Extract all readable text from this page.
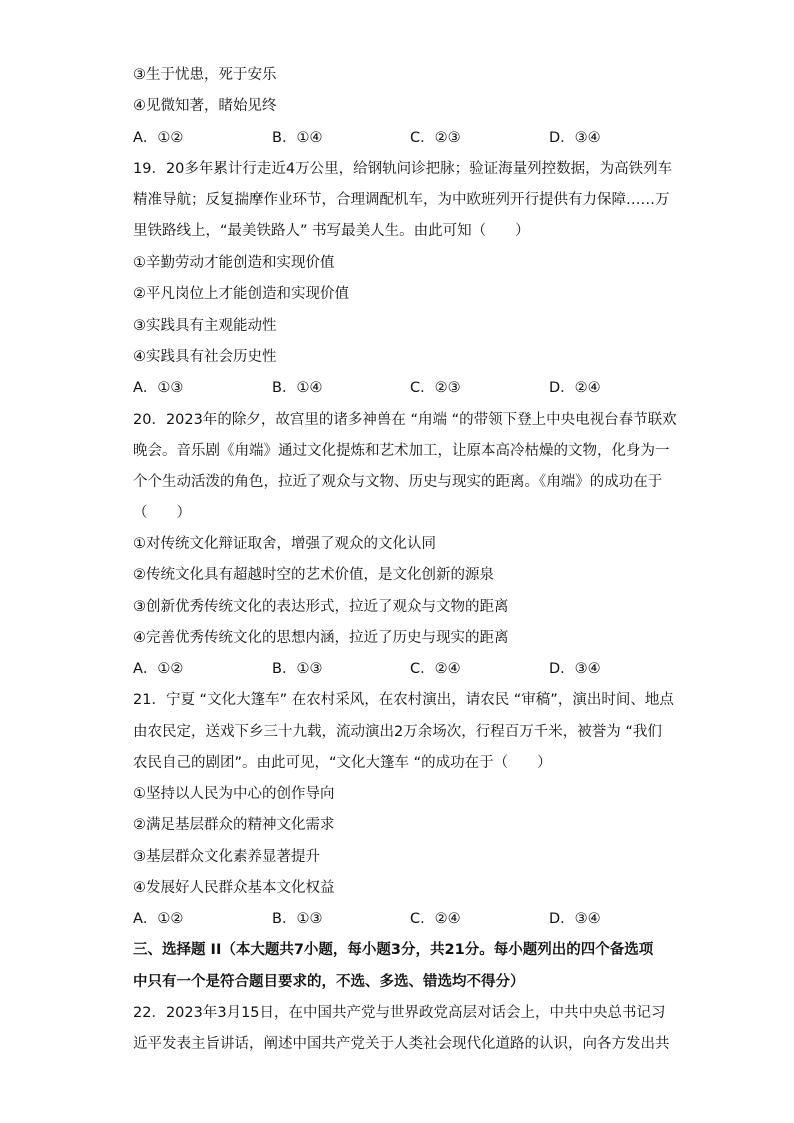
③生于忧患，死于安乐
④见微知著，睹始见终
A．①②	B．①④	C．②③	D．③④
19．20多年累计行走近4万公里，给钢轨问诊把脉；验证海量列控数据，为高铁列车
精准导航；反复揣摩作业环节，合理调配机车，为中欧班列开行提供有力保障……万
里铁路线上，“最美铁路人” 书写最美人生。由此可知（　　）
①辛勤劳动才能创造和实现价值
②平凡岗位上才能创造和实现价值
③实践具有主观能动性
④实践具有社会历史性
A．①③	B．①④	C．②③	D．②④
20．2023年的除夕，故宫里的诸多神兽在 “甪端 “的带领下登上中央电视台春节联欢
晚会。音乐剧《甪端》通过文化提炼和艺术加工，让原本高冷枯燥的文物，化身为一
个个生动活泼的角色，拉近了观众与文物、历史与现实的距离。《甪端》的成功在于
（　　）
①对传统文化辩证取舍，增强了观众的文化认同
②传统文化具有超越时空的艺术价值，是文化创新的源泉
③创新优秀传统文化的表达形式，拉近了观众与文物的距离
④完善优秀传统文化的思想内涵，拉近了历史与现实的距离
A．①②	B．①③	C．②④	D．③④
21．宁夏 “文化大篷车” 在农村采风，在农村演出，请农民 “审稿”，演出时间、地点
由农民定，送戏下乡三十九载，流动演出2万余场次，行程百万千米，被誉为 “我们
农民自己的剧团”。由此可见，“文化大篷车 “的成功在于（　　）
①坚持以人民为中心的创作导向
②满足基层群众的精神文化需求
③基层群众文化素养显著提升
④发展好人民群众基本文化权益
A．①②	B．①③	C．②④	D．③④
三、选择题 II（本大题共7小题，每小题3分，共21分。每小题列出的四个备选项
中只有一个是符合题目要求的，不选、多选、错选均不得分）
22．2023年3月15日，在中国共产党与世界政党高层对话会上，中共中央总书记习
近平发表主旨讲话，阐述中国共产党关于人类社会现代化道路的认识，向各方发出共
